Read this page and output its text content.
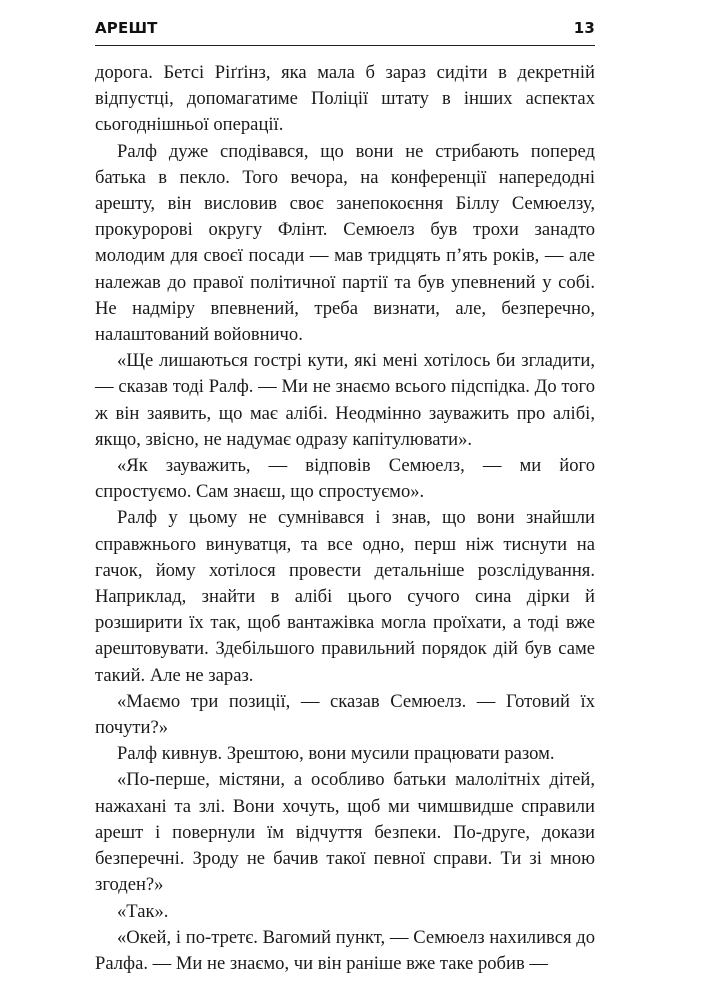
АРЕШТ	13

дорога. Бетсі Ріґґінз, яка мала б зараз сидіти в декретній відпустці, допомагатиме Поліції штату в інших аспектах сьогоднішньої операції.

Ралф дуже сподівався, що вони не стрибають поперед батька в пекло. Того вечора, на конференції напередодні арешту, він висловив своє занепокоєння Біллу Семюелзу, прокуророві округу Флінт. Семюелз був трохи занадто молодим для своєї посади — мав тридцять пʼять років, — але належав до правої політичної партії та був упевнений у собі. Не надміру впевнений, треба визнати, але, безперечно, налаштований войовничо.

«Ще лишаються гострі кути, які мені хотілось би згладити, — сказав тоді Ралф. — Ми не знаємо всього підспідка. До того ж він заявить, що має алібі. Неодмінно зауважить про алібі, якщо, звісно, не надумає одразу капітулювати».

«Як зауважить, — відповів Семюелз, — ми його спростуємо. Сам знаєш, що спростуємо».

Ралф у цьому не сумнівався і знав, що вони знайшли справжнього винуватця, та все одно, перш ніж тиснути на гачок, йому хотілося провести детальніше розслідування. Наприклад, знайти в алібі цього сучого сина дірки й розширити їх так, щоб вантажівка могла проїхати, а тоді вже арештовувати. Здебільшого правильний порядок дій був саме такий. Але не зараз.

«Маємо три позиції, — сказав Семюелз. — Готовий їх почути?»

Ралф кивнув. Зрештою, вони мусили працювати разом.

«По-перше, містяни, а особливо батьки малолітніх дітей, нажахані та злі. Вони хочуть, щоб ми чимшвидше справили арешт і повернули їм відчуття безпеки. По-друге, докази безперечні. Зроду не бачив такої певної справи. Ти зі мною згоден?»

«Так».

«Окей, і по-третє. Вагомий пункт, — Семюелз нахилився до Ралфа. — Ми не знаємо, чи він раніше вже таке робив —
